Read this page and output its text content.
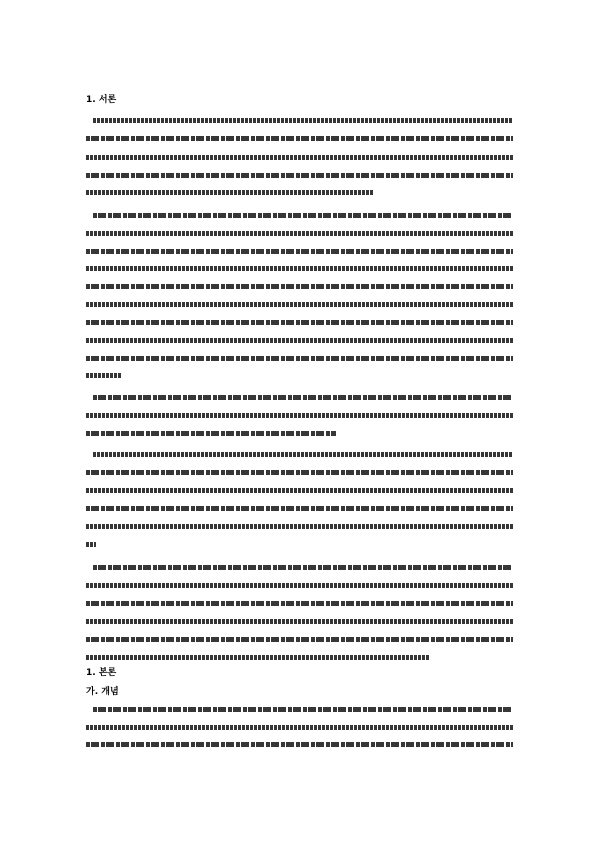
1. 서론
1. 본론
가. 개념
